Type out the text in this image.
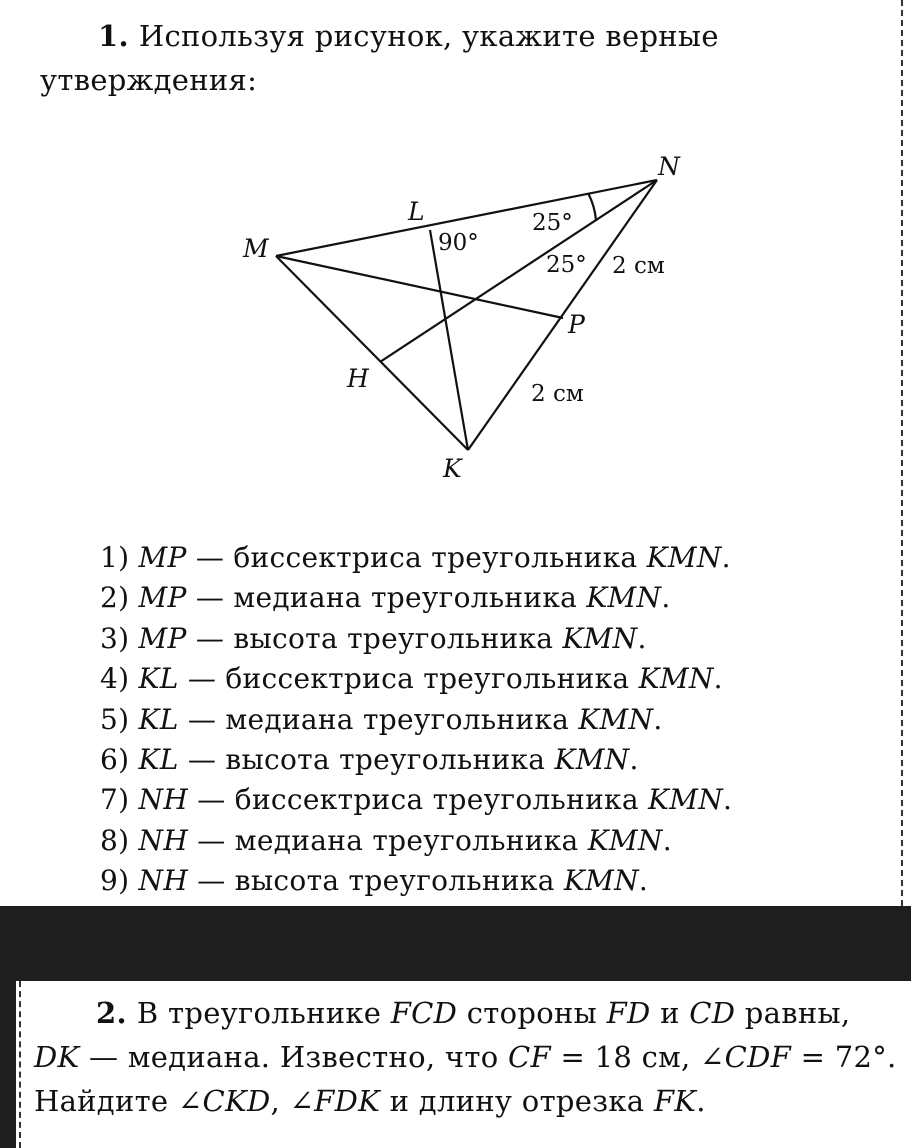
1. Используя рисунок, укажите верные утверждения:
M
N
K
L
P
H
25°
25°
90°
2 см
2 см
1) MP — биссектриса треугольника KMN.
2) MP — медиана треугольника KMN.
3) MP — высота треугольника KMN.
4) KL — биссектриса треугольника KMN.
5) KL — медиана треугольника KMN.
6) KL — высота треугольника KMN.
7) NH — биссектриса треугольника KMN.
8) NH — медиана треугольника KMN.
9) NH — высота треугольника KMN.
2. В треугольнике FCD стороны FD и CD равны, DK — медиана. Известно, что CF = 18 см, ∠CDF = 72°. Найдите ∠CKD, ∠FDK и длину отрезка FK.
